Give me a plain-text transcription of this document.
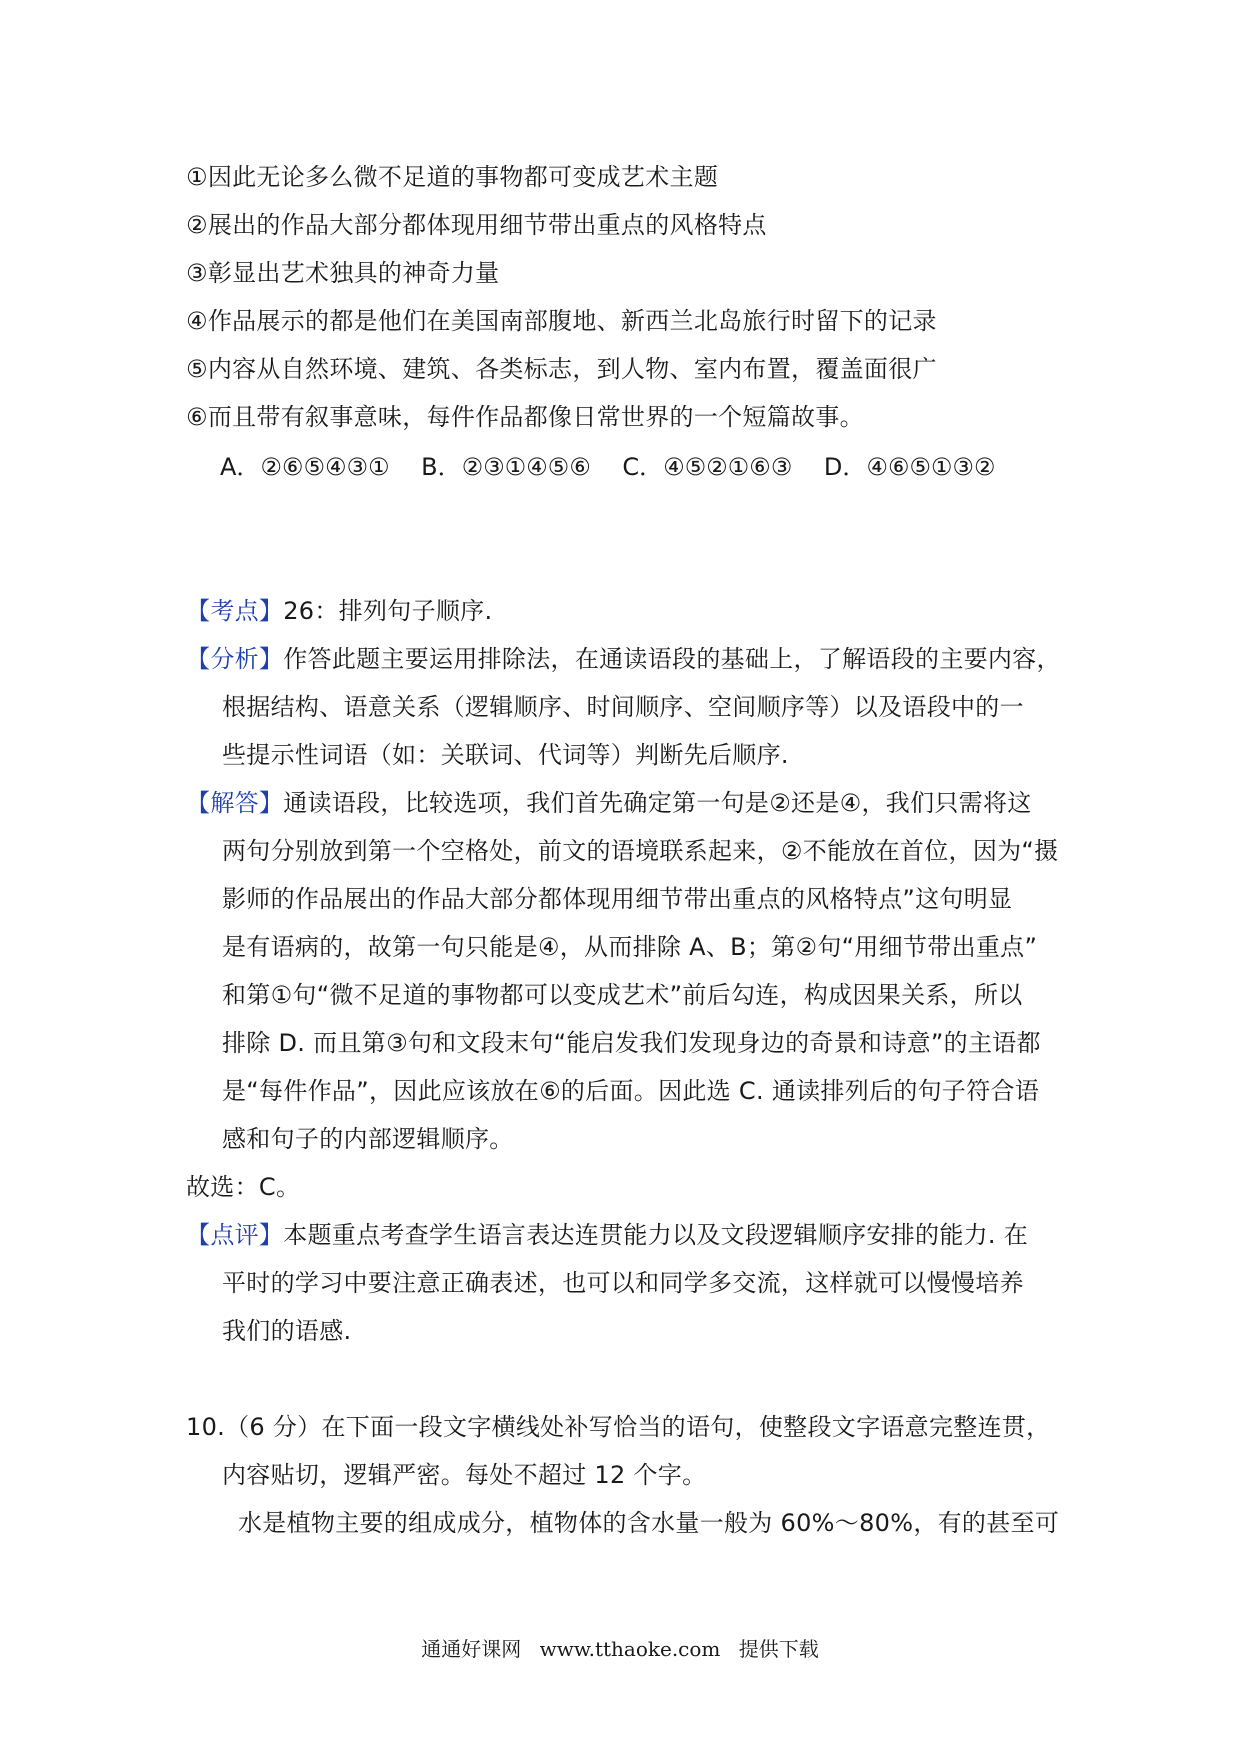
①因此无论多么微不足道的事物都可变成艺术主题
②展出的作品大部分都体现用细节带出重点的风格特点
③彰显出艺术独具的神奇力量
④作品展示的都是他们在美国南部腹地、新西兰北岛旅行时留下的记录
⑤内容从自然环境、建筑、各类标志，到人物、室内布置，覆盖面很广
⑥而且带有叙事意味，每件作品都像日常世界的一个短篇故事。
A．②⑥⑤④③① B．②③①④⑤⑥ C．④⑤②①⑥③ D．④⑥⑤①③②
【考点】26：排列句子顺序.
【分析】作答此题主要运用排除法，在通读语段的基础上，了解语段的主要内容，
根据结构、语意关系（逻辑顺序、时间顺序、空间顺序等）以及语段中的一
些提示性词语（如：关联词、代词等）判断先后顺序.
【解答】通读语段，比较选项，我们首先确定第一句是②还是④，我们只需将这
两句分别放到第一个空格处，前文的语境联系起来，②不能放在首位，因为“摄
影师的作品展出的作品大部分都体现用细节带出重点的风格特点”这句明显
是有语病的，故第一句只能是④，从而排除 A、B；第②句“用细节带出重点”
和第①句“微不足道的事物都可以变成艺术”前后勾连，构成因果关系，所以
排除 D. 而且第③句和文段末句“能启发我们发现身边的奇景和诗意”的主语都
是“每件作品”，因此应该放在⑥的后面。因此选 C. 通读排列后的句子符合语
感和句子的内部逻辑顺序。
故选：C。
【点评】本题重点考查学生语言表达连贯能力以及文段逻辑顺序安排的能力. 在
平时的学习中要注意正确表述，也可以和同学多交流，这样就可以慢慢培养
我们的语感.
10.（6 分）在下面一段文字横线处补写恰当的语句，使整段文字语意完整连贯，
内容贴切，逻辑严密。每处不超过 12 个字。
水是植物主要的组成成分，植物体的含水量一般为 60%～80%，有的甚至可
通通好课网 www.tthaoke.com 提供下载
